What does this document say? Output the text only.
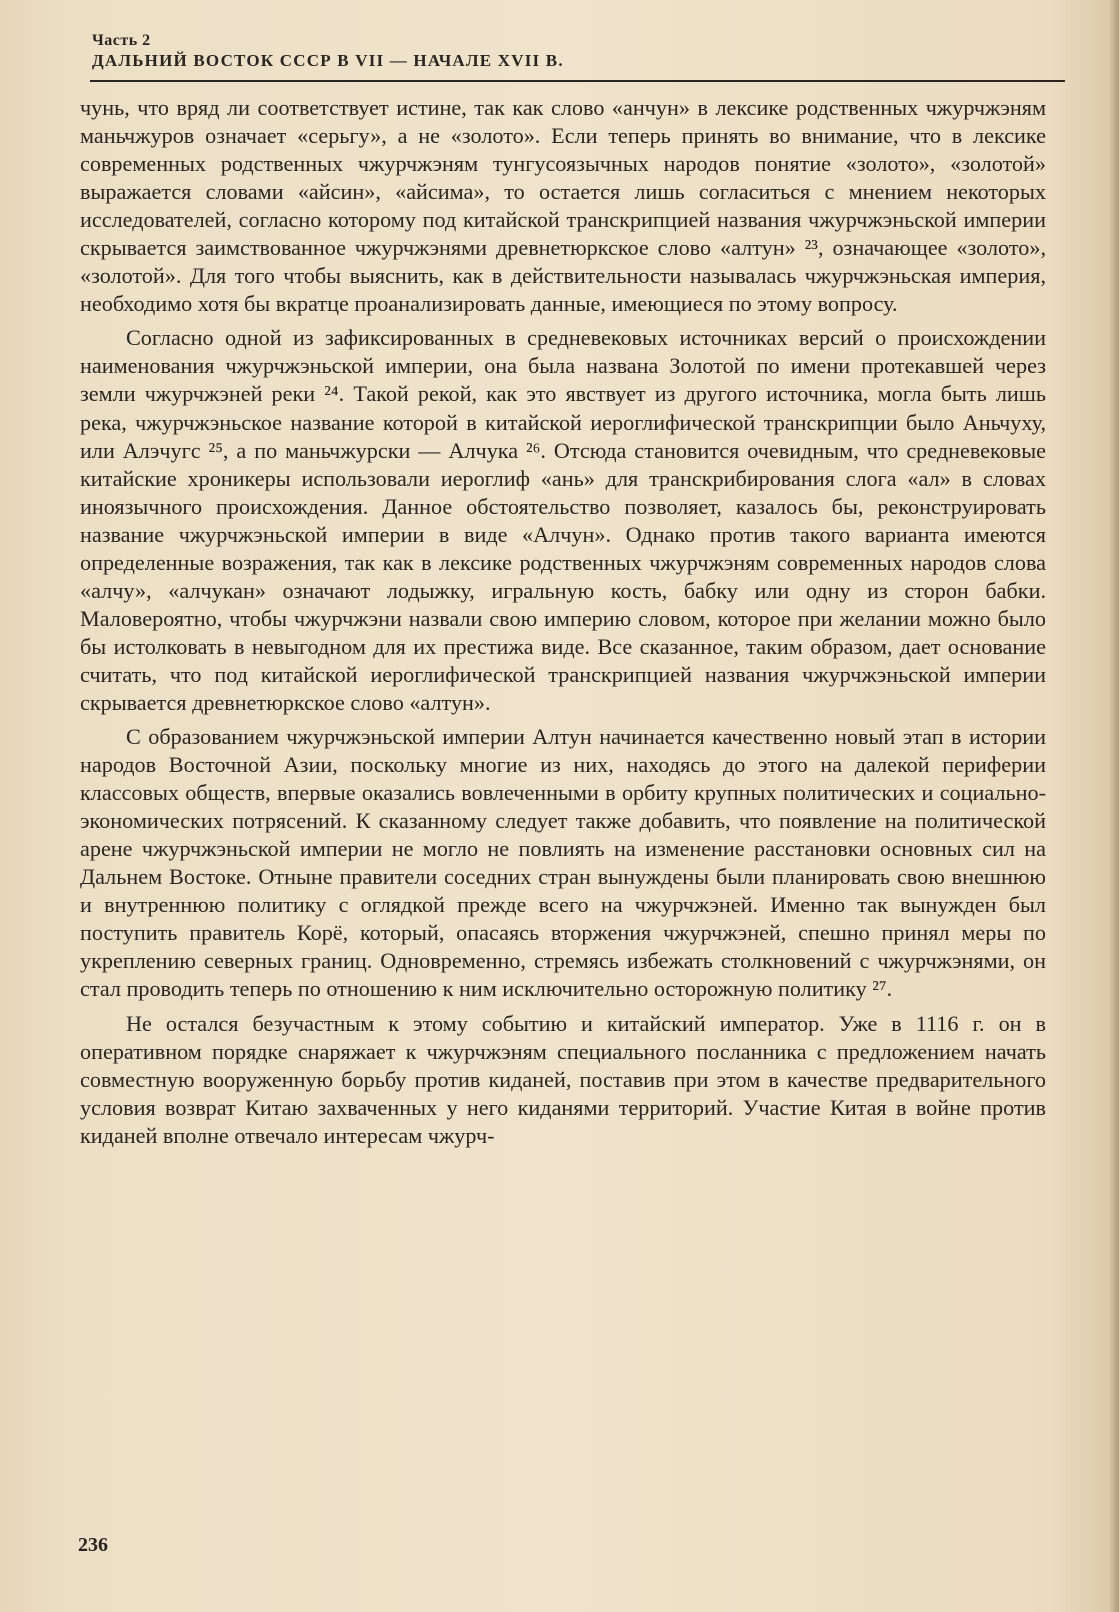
Часть 2
ДАЛЬНИЙ ВОСТОК СССР В VII — НАЧАЛЕ XVII В.

чунь, что вряд ли соответствует истине, так как слово «анчун» в лексике родственных чжурчжэням маньчжуров означает «серьгу», а не «золото». Если теперь принять во внимание, что в лексике современных родственных чжурчжэням тунгусоязычных народов понятие «золото», «золотой» выражается словами «айсин», «айсима», то остается лишь согласиться с мнением некоторых исследователей, согласно которому под китайской транскрипцией названия чжурчжэньской империи скрывается заимствованное чжурчжэнями древнетюркское слово «алтун» ²³, означающее «золото», «золотой». Для того чтобы выяснить, как в действительности называлась чжурчжэньская империя, необходимо хотя бы вкратце проанализировать данные, имеющиеся по этому вопросу.

Согласно одной из зафиксированных в средневековых источниках версий о происхождении наименования чжурчжэньской империи, она была названа Золотой по имени протекавшей через земли чжурчжэней реки ²⁴. Такой рекой, как это явствует из другого источника, могла быть лишь река, чжурчжэньское название которой в китайской иероглифической транскрипции было Аньчуху, или Алэчугс ²⁵, а по маньчжурски — Алчука ²⁶. Отсюда становится очевидным, что средневековые китайские хроникеры использовали иероглиф «ань» для транскрибирования слога «ал» в словах иноязычного происхождения. Данное обстоятельство позволяет, казалось бы, реконструировать название чжурчжэньской империи в виде «Алчун». Однако против такого варианта имеются определенные возражения, так как в лексике родственных чжурчжэням современных народов слова «алчу», «алчукан» означают лодыжку, игральную кость, бабку или одну из сторон бабки. Маловероятно, чтобы чжурчжэни назвали свою империю словом, которое при желании можно было бы истолковать в невыгодном для их престижа виде. Все сказанное, таким образом, дает основание считать, что под китайской иероглифической транскрипцией названия чжурчжэньской империи скрывается древнетюркское слово «алтун».

С образованием чжурчжэньской империи Алтун начинается качественно новый этап в истории народов Восточной Азии, поскольку многие из них, находясь до этого на далекой периферии классовых обществ, впервые оказались вовлеченными в орбиту крупных политических и социально-экономических потрясений. К сказанному следует также добавить, что появление на политической арене чжурчжэньской империи не могло не повлиять на изменение расстановки основных сил на Дальнем Востоке. Отныне правители соседних стран вынуждены были планировать свою внешнюю и внутреннюю политику с оглядкой прежде всего на чжурчжэней. Именно так вынужден был поступить правитель Корё, который, опасаясь вторжения чжурчжэней, спешно принял меры по укреплению северных границ. Одновременно, стремясь избежать столкновений с чжурчжэнями, он стал проводить теперь по отношению к ним исключительно осторожную политику ²⁷.

Не остался безучастным к этому событию и китайский император. Уже в 1116 г. он в оперативном порядке снаряжает к чжурчжэням специального посланника с предложением начать совместную вооруженную борьбу против киданей, поставив при этом в качестве предварительного условия возврат Китаю захваченных у него киданями территорий. Участие Китая в войне против киданей вполне отвечало интересам чжурч-

236
